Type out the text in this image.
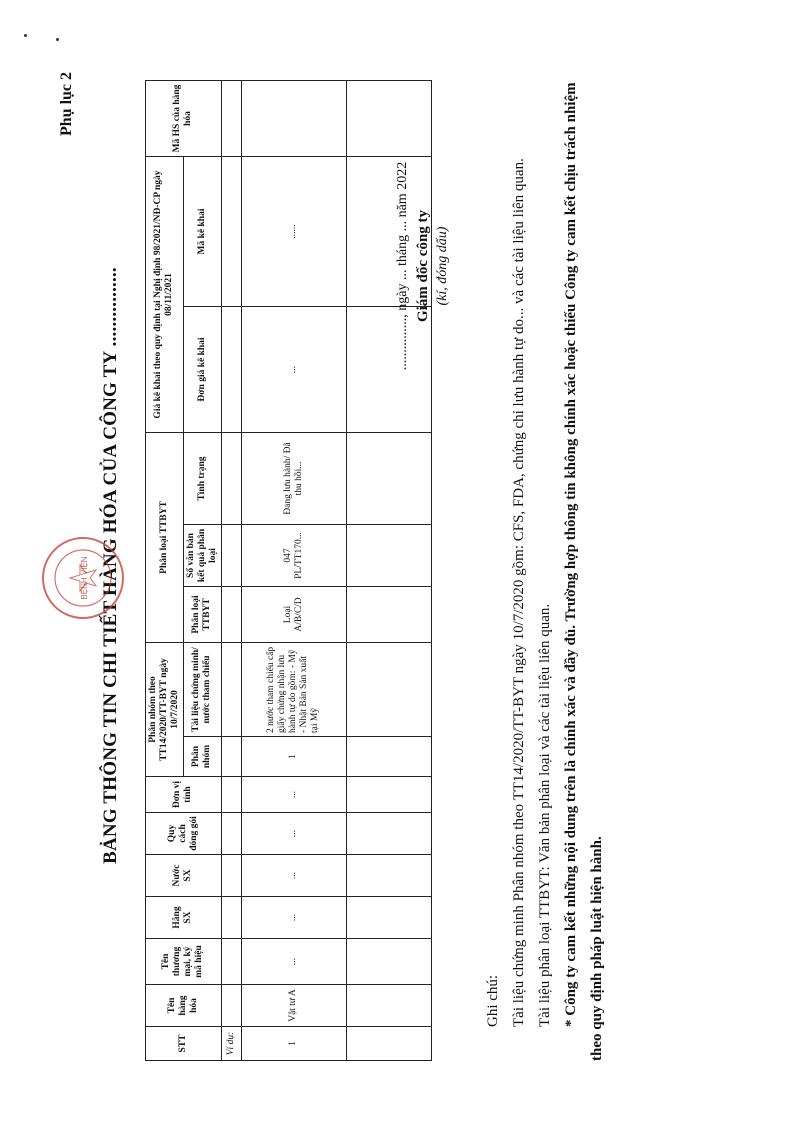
Phụ lục 2
BẢNG THÔNG TIN CHI TIẾT HÀNG HÓA CỦA CÔNG TY ................
BỆNH VIỆN
STT	Tên hàng hóa	Tên thương mại, ký mã hiệu	Hãng SX	Nước SX	Quy cách đóng gói	Đơn vị tính	Phân nhóm theo TT14/2020/TT-BYT ngày 10/7/2020		Phân loại TTBYT			Giá kê khai theo quy định tại Nghị định 98/2021/NĐ-CP ngày 08/11/2021		Mã HS của hàng hóa
							Phân nhóm	Tài liệu chứng minh/ nước tham chiếu	Phân loại TTBYT	Số văn bản kết quả phân loại	Tình trạng	Đơn giá kê khai	Mã kê khai	
Ví dụ:														
1	Vật tư A	...	...	...	...	...	1	2 nước tham chiếu cấp giấy chứng nhận lưu hành tự do gồm: - Mỹ - Nhật Bản Sản xuất tại Mỹ	Loại A/B/C/D	047 PL/TT170...	Đang lưu hành/ Đã thu hồi...	...	......	
															..............., ngày ... tháng ... năm 2022 Giám đốc công ty (kí, đóng dấu)

Ghi chú: Tài liệu chứng minh Phân nhóm theo TT14/2020/TT-BYT ngày 10/7/2020 gồm: CFS, FDA, chứng chỉ lưu hành tự do... và các tài liệu liên quan. Tài liệu phân loại TTBYT: Văn bản phân loại và các tài liệu liên quan. * Công ty cam kết những nội dung trên là chính xác và đầy đủ. Trường hợp thông tin không chính xác hoặc thiếu Công ty cam kết chịu trách nhiệm theo quy định pháp luật hiện hành.
